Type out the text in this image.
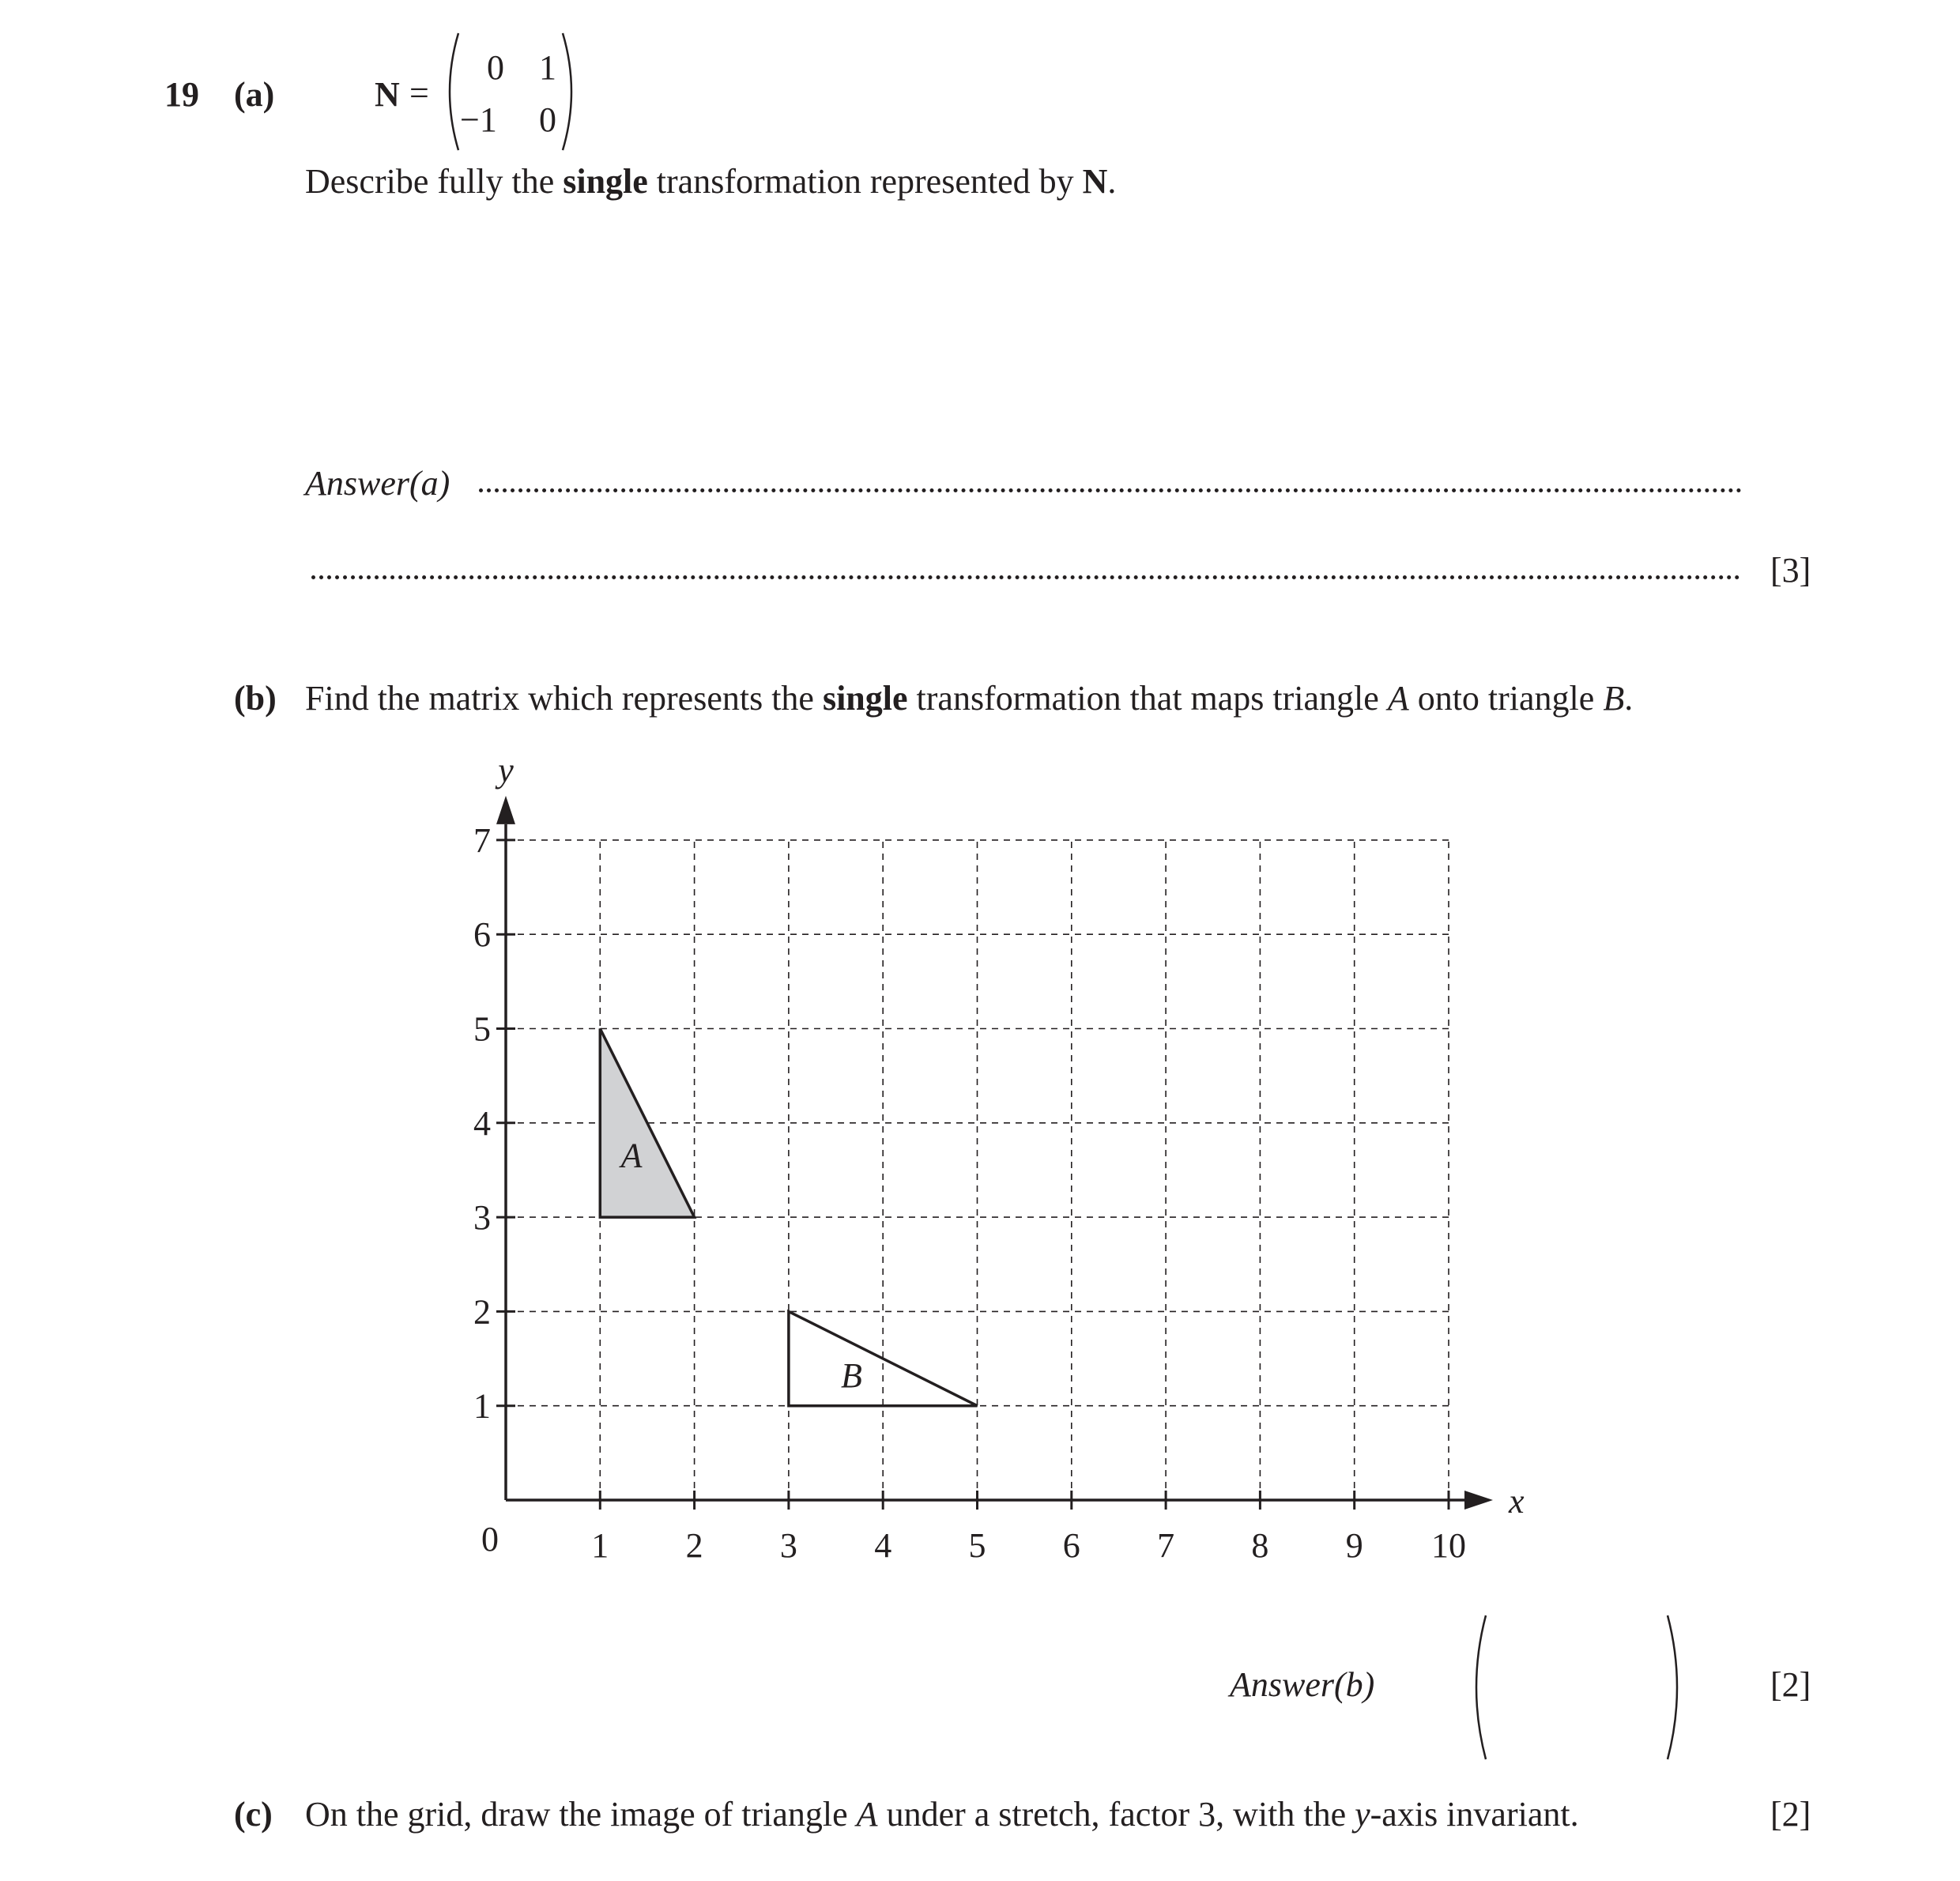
19 (a)	N =
0 1
−1 0
Describe fully the single transformation represented by N.
Answer(a)
[3]
(b) Find the matrix which represents the single transformation that maps triangle A onto triangle B.
A
B
x
y
0	1 2 3 4 5 6 7 8 9 10
1
2
3
4
5
6
7
Answer(b)	[2]
(c) On the grid, draw the image of triangle A under a stretch, factor 3, with the y-axis invariant.	[2]
